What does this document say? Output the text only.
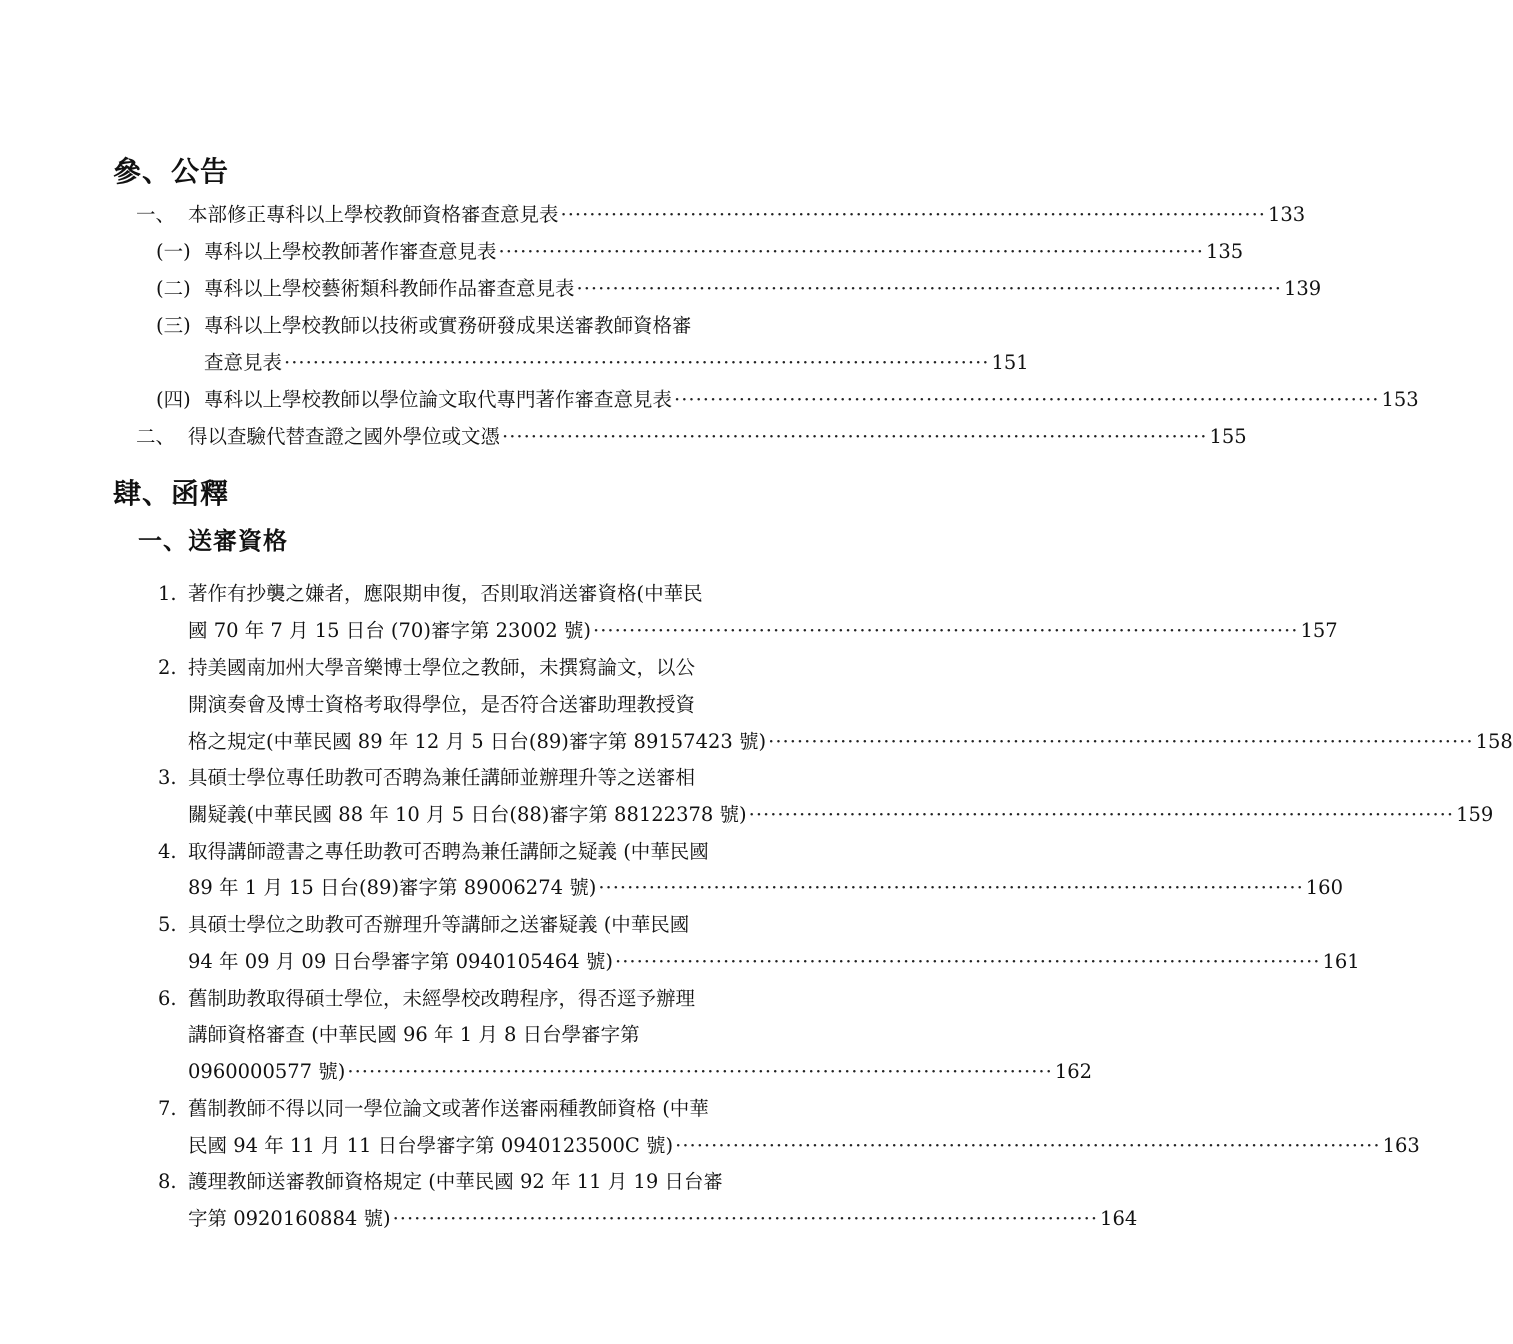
參、公告
一、 本部修正專科以上學校教師資格審查意見表 ·································································································· 133
(一) 專科以上學校教師著作審查意見表 ·································································································· 135
(二) 專科以上學校藝術類科教師作品審查意見表 ·································································································· 139
(三) 專科以上學校教師以技術或實務研發成果送審教師資格審
查意見表 ·································································································· 151
(四) 專科以上學校教師以學位論文取代專門著作審查意見表 ·································································································· 153
二、 得以查驗代替查證之國外學位或文憑 ·································································································· 155
肆、函釋
一、送審資格
1. 著作有抄襲之嫌者，應限期申復，否則取消送審資格(中華民
國 70 年 7 月 15 日台 (70)審字第 23002 號) ·································································································· 157
2. 持美國南加州大學音樂博士學位之教師，未撰寫論文，以公
開演奏會及博士資格考取得學位，是否符合送審助理教授資
格之規定(中華民國 89 年 12 月 5 日台(89)審字第 89157423 號) ·································································································· 158
3. 具碩士學位專任助教可否聘為兼任講師並辦理升等之送審相
關疑義(中華民國 88 年 10 月 5 日台(88)審字第 88122378 號) ·································································································· 159
4. 取得講師證書之專任助教可否聘為兼任講師之疑義 (中華民國
89 年 1 月 15 日台(89)審字第 89006274 號) ·································································································· 160
5. 具碩士學位之助教可否辦理升等講師之送審疑義 (中華民國
94 年 09 月 09 日台學審字第 0940105464 號) ·································································································· 161
6. 舊制助教取得碩士學位，未經學校改聘程序，得否逕予辦理
講師資格審查 (中華民國 96 年 1 月 8 日台學審字第
0960000577 號) ·································································································· 162
7. 舊制教師不得以同一學位論文或著作送審兩種教師資格 (中華
民國 94 年 11 月 11 日台學審字第 0940123500C 號) ·································································································· 163
8. 護理教師送審教師資格規定 (中華民國 92 年 11 月 19 日台審
字第 0920160884 號) ·································································································· 164
